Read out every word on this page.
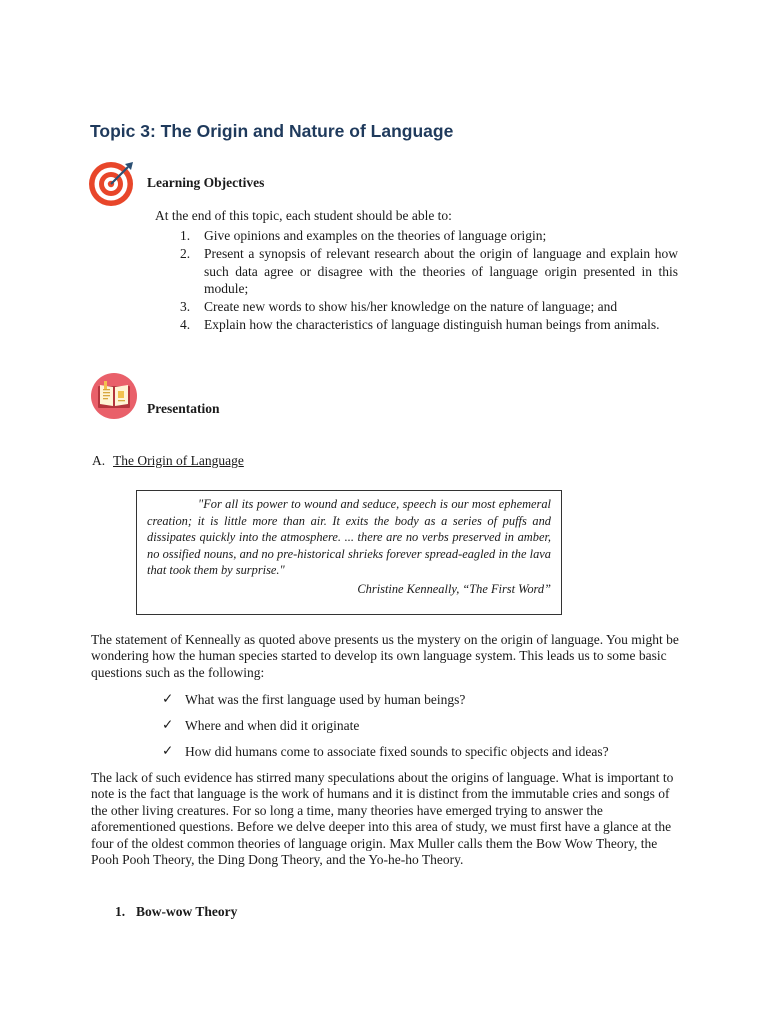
Topic 3: The Origin and Nature of Language

Learning Objectives

At the end of this topic, each student should be able to:
1. Give opinions and examples on the theories of language origin;
2. Present a synopsis of relevant research about the origin of language and explain how such data agree or disagree with the theories of language origin presented in this module;
3. Create new words to show his/her knowledge on the nature of language; and
4. Explain how the characteristics of language distinguish human beings from animals.

Presentation

A. The Origin of Language

"For all its power to wound and seduce, speech is our most ephemeral creation; it is little more than air. It exits the body as a series of puffs and dissipates quickly into the atmosphere. ... there are no verbs preserved in amber, no ossified nouns, and no pre-historical shrieks forever spread-eagled in the lava that took them by surprise."

Christine Kenneally, “The First Word”

The statement of Kenneally as quoted above presents us the mystery on the origin of language. You might be wondering how the human species started to develop its own language system. This leads us to some basic questions such as the following:

✓ What was the first language used by human beings?
✓ Where and when did it originate
✓ How did humans come to associate fixed sounds to specific objects and ideas?

The lack of such evidence has stirred many speculations about the origins of language. What is important to note is the fact that language is the work of humans and it is distinct from the immutable cries and songs of the other living creatures. For so long a time, many theories have emerged trying to answer the aforementioned questions. Before we delve deeper into this area of study, we must first have a glance at the four of the oldest common theories of language origin. Max Muller calls them the Bow Wow Theory, the Pooh Pooh Theory, the Ding Dong Theory, and the Yo-he-ho Theory.

1. Bow-wow Theory
